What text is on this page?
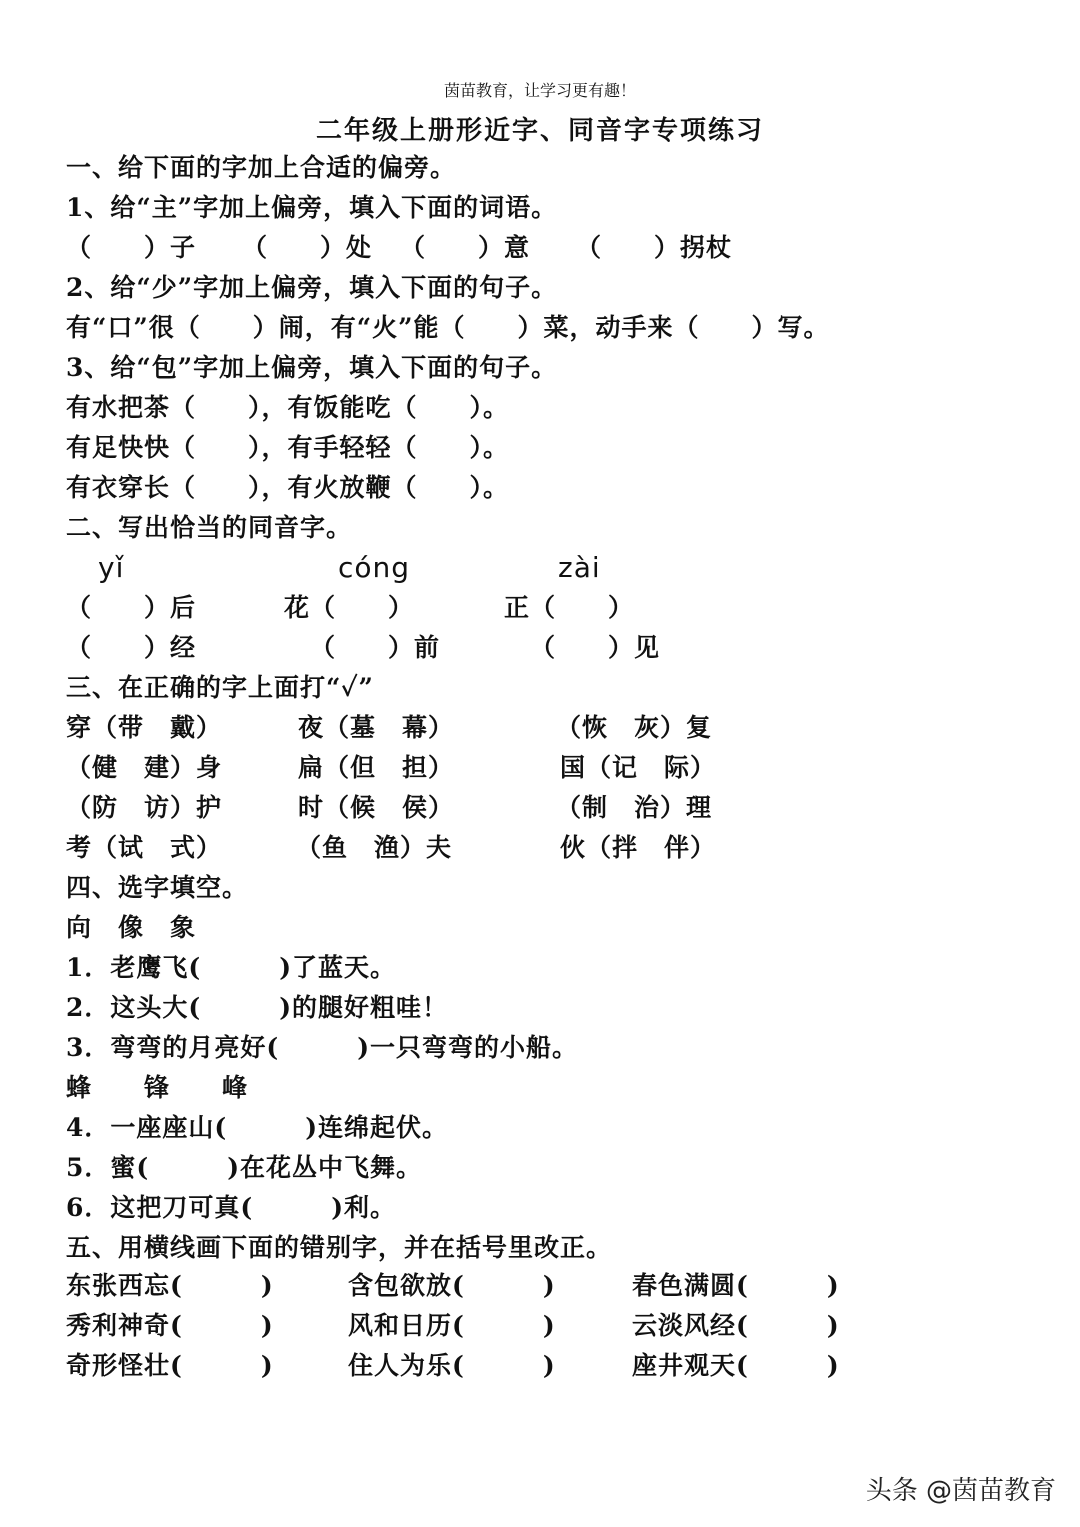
茵苗教育，让学习更有趣！
二年级上册形近字、同音字专项练习
一、给下面的字加上合适的偏旁。
1、给“主”字加上偏旁，填入下面的词语。
（　　）子 （　　）处 （　　）意 （　　）拐杖
2、给“少”字加上偏旁，填入下面的句子。
有“口”很（　　）闹，有“火”能（　　）菜，动手来（　　）写。
3、给“包”字加上偏旁，填入下面的句子。
有水把茶（　　），有饭能吃（　　）。
有足快快（　　），有手轻轻（　　）。
有衣穿长（　　），有火放鞭（　　）。
二、写出恰当的同音字。
yǐ	cóng	zài
（　　）后	花（　　）	正（　　）
（　　）经	（　　）前	（　　）见
三、在正确的字上面打“✓”
穿（带　戴）	夜（墓　幕）	（恢　灰）复
（健　建）身	扁（但　担）	国（记　际）
（防　访）护	时（候　侯）	（制　治）理
考（试　式）	（鱼　渔）夫	伙（拌　伴）
四、选字填空。
向　像　象
1．老鹰飞(　　　)了蓝天。
2．这头大(　　　)的腿好粗哇！
3．弯弯的月亮好(　　　)一只弯弯的小船。
蜂　　锋　　峰
4．一座座山(　　　)连绵起伏。
5．蜜(　　　)在花丛中飞舞。
6．这把刀可真(　　　)利。
五、用横线画下面的错别字，并在括号里改正。
东张西忘(　　　)	含包欲放(　　　)	春色满圆(　　　)
秀利神奇(　　　)	风和日历(　　　)	云淡风经(　　　)
奇形怪壮(　　　)	住人为乐(　　　)	座井观天(　　　)
头条 @茵苗教育
